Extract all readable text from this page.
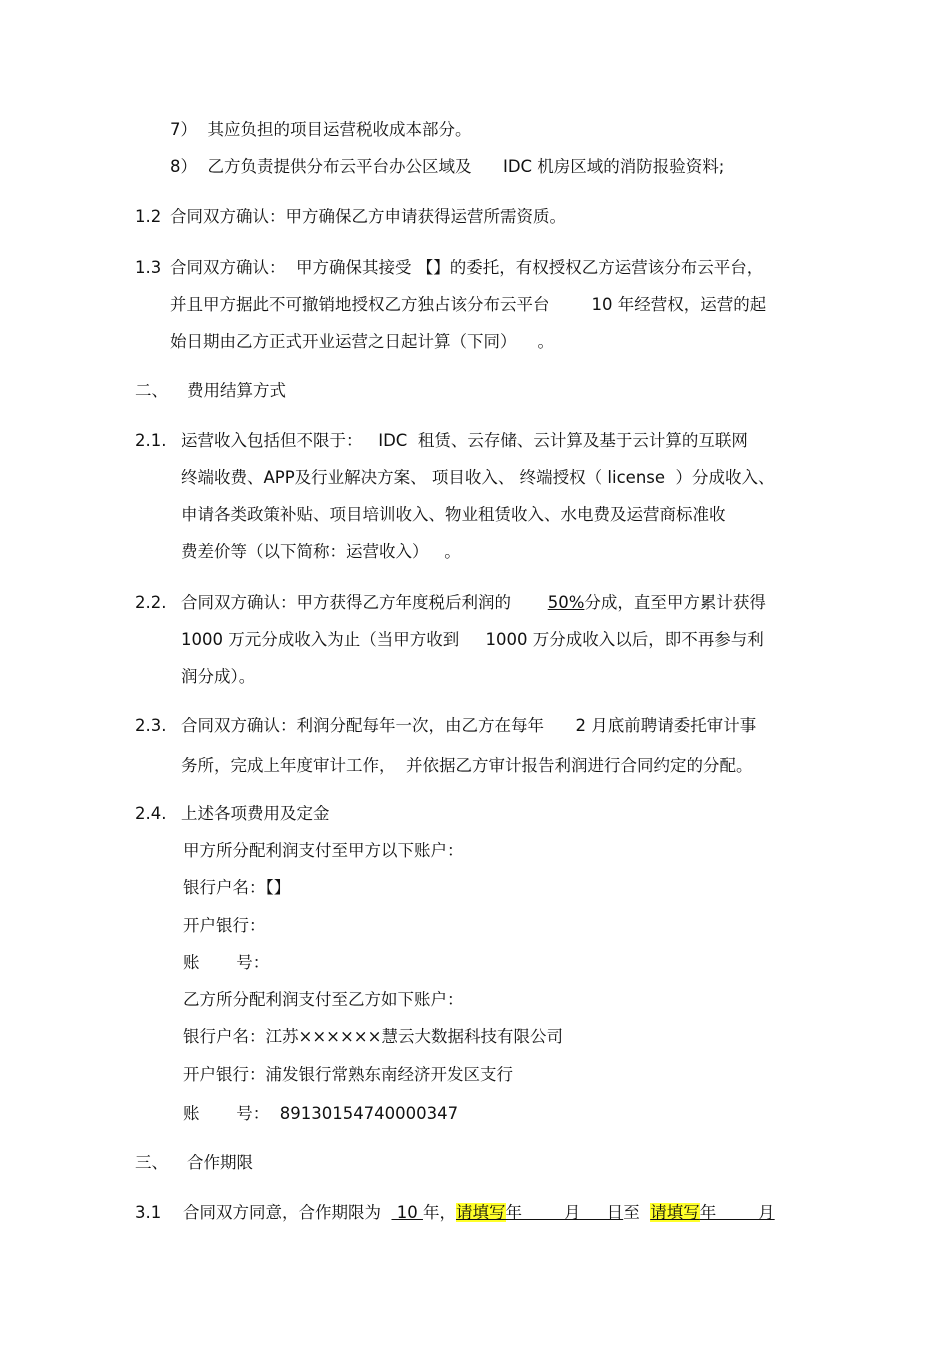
7）  其应负担的项目运营税收成本部分。
8）  乙方负责提供分布云平台办公区域及      IDC 机房区域的消防报验资料;
1.2 合同双方确认：甲方确保乙方申请获得运营所需资质。
1.3 合同双方确认：  甲方确保其接受 【】的委托，有权授权乙方运营该分布云平台，
并且甲方据此不可撤销地授权乙方独占该分布云平台        10 年经营权，运营的起
始日期由乙方正式开业运营之日起计算（下同）    。
二、 费用结算方式
2.1. 运营收入包括但不限于：   IDC  租赁、云存储、云计算及基于云计算的互联网
终端收费、APP及行业解决方案、 项目收入、 终端授权（ license  ）分成收入、
申请各类政策补贴、项目培训收入、物业租赁收入、水电费及运营商标准收
费差价等（以下简称：运营收入）   。
2.2. 合同双方确认：甲方获得乙方年度税后利润的       50%分成，直至甲方累计获得
1000 万元分成收入为止（当甲方收到     1000 万分成收入以后，即不再参与利
润分成）。
2.3. 合同双方确认：利润分配每年一次，由乙方在每年      2 月底前聘请委托审计事
务所，完成上年度审计工作，  并依据乙方审计报告利润进行合同约定的分配。
2.4. 上述各项费用及定金
甲方所分配利润支付至甲方以下账户：
银行户名：【】
开户银行：
账       号：
乙方所分配利润支付至乙方如下账户：
银行户名：江苏××××××慧云大数据科技有限公司
开户银行：浦发银行常熟东南经济开发区支行
账       号：  89130154740000347
三、 合作期限
3.1 合同双方同意，合作期限为   10 年，请填写年        月     日至  请填写年        月
